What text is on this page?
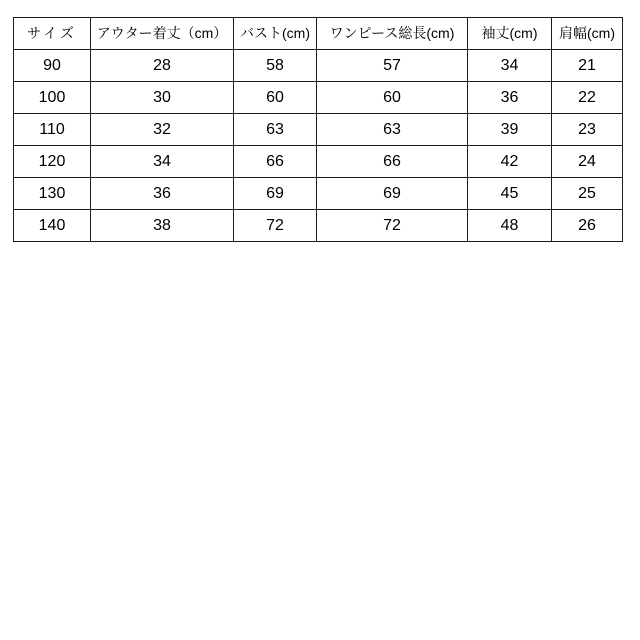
サイズ	アウター着丈（cm）	バスト(cm)	ワンピース総長(cm)	袖丈(cm)	肩幅(cm)
90	28	58	57	34	21
100	30	60	60	36	22
110	32	63	63	39	23
120	34	66	66	42	24
130	36	69	69	45	25
140	38	72	72	48	26
